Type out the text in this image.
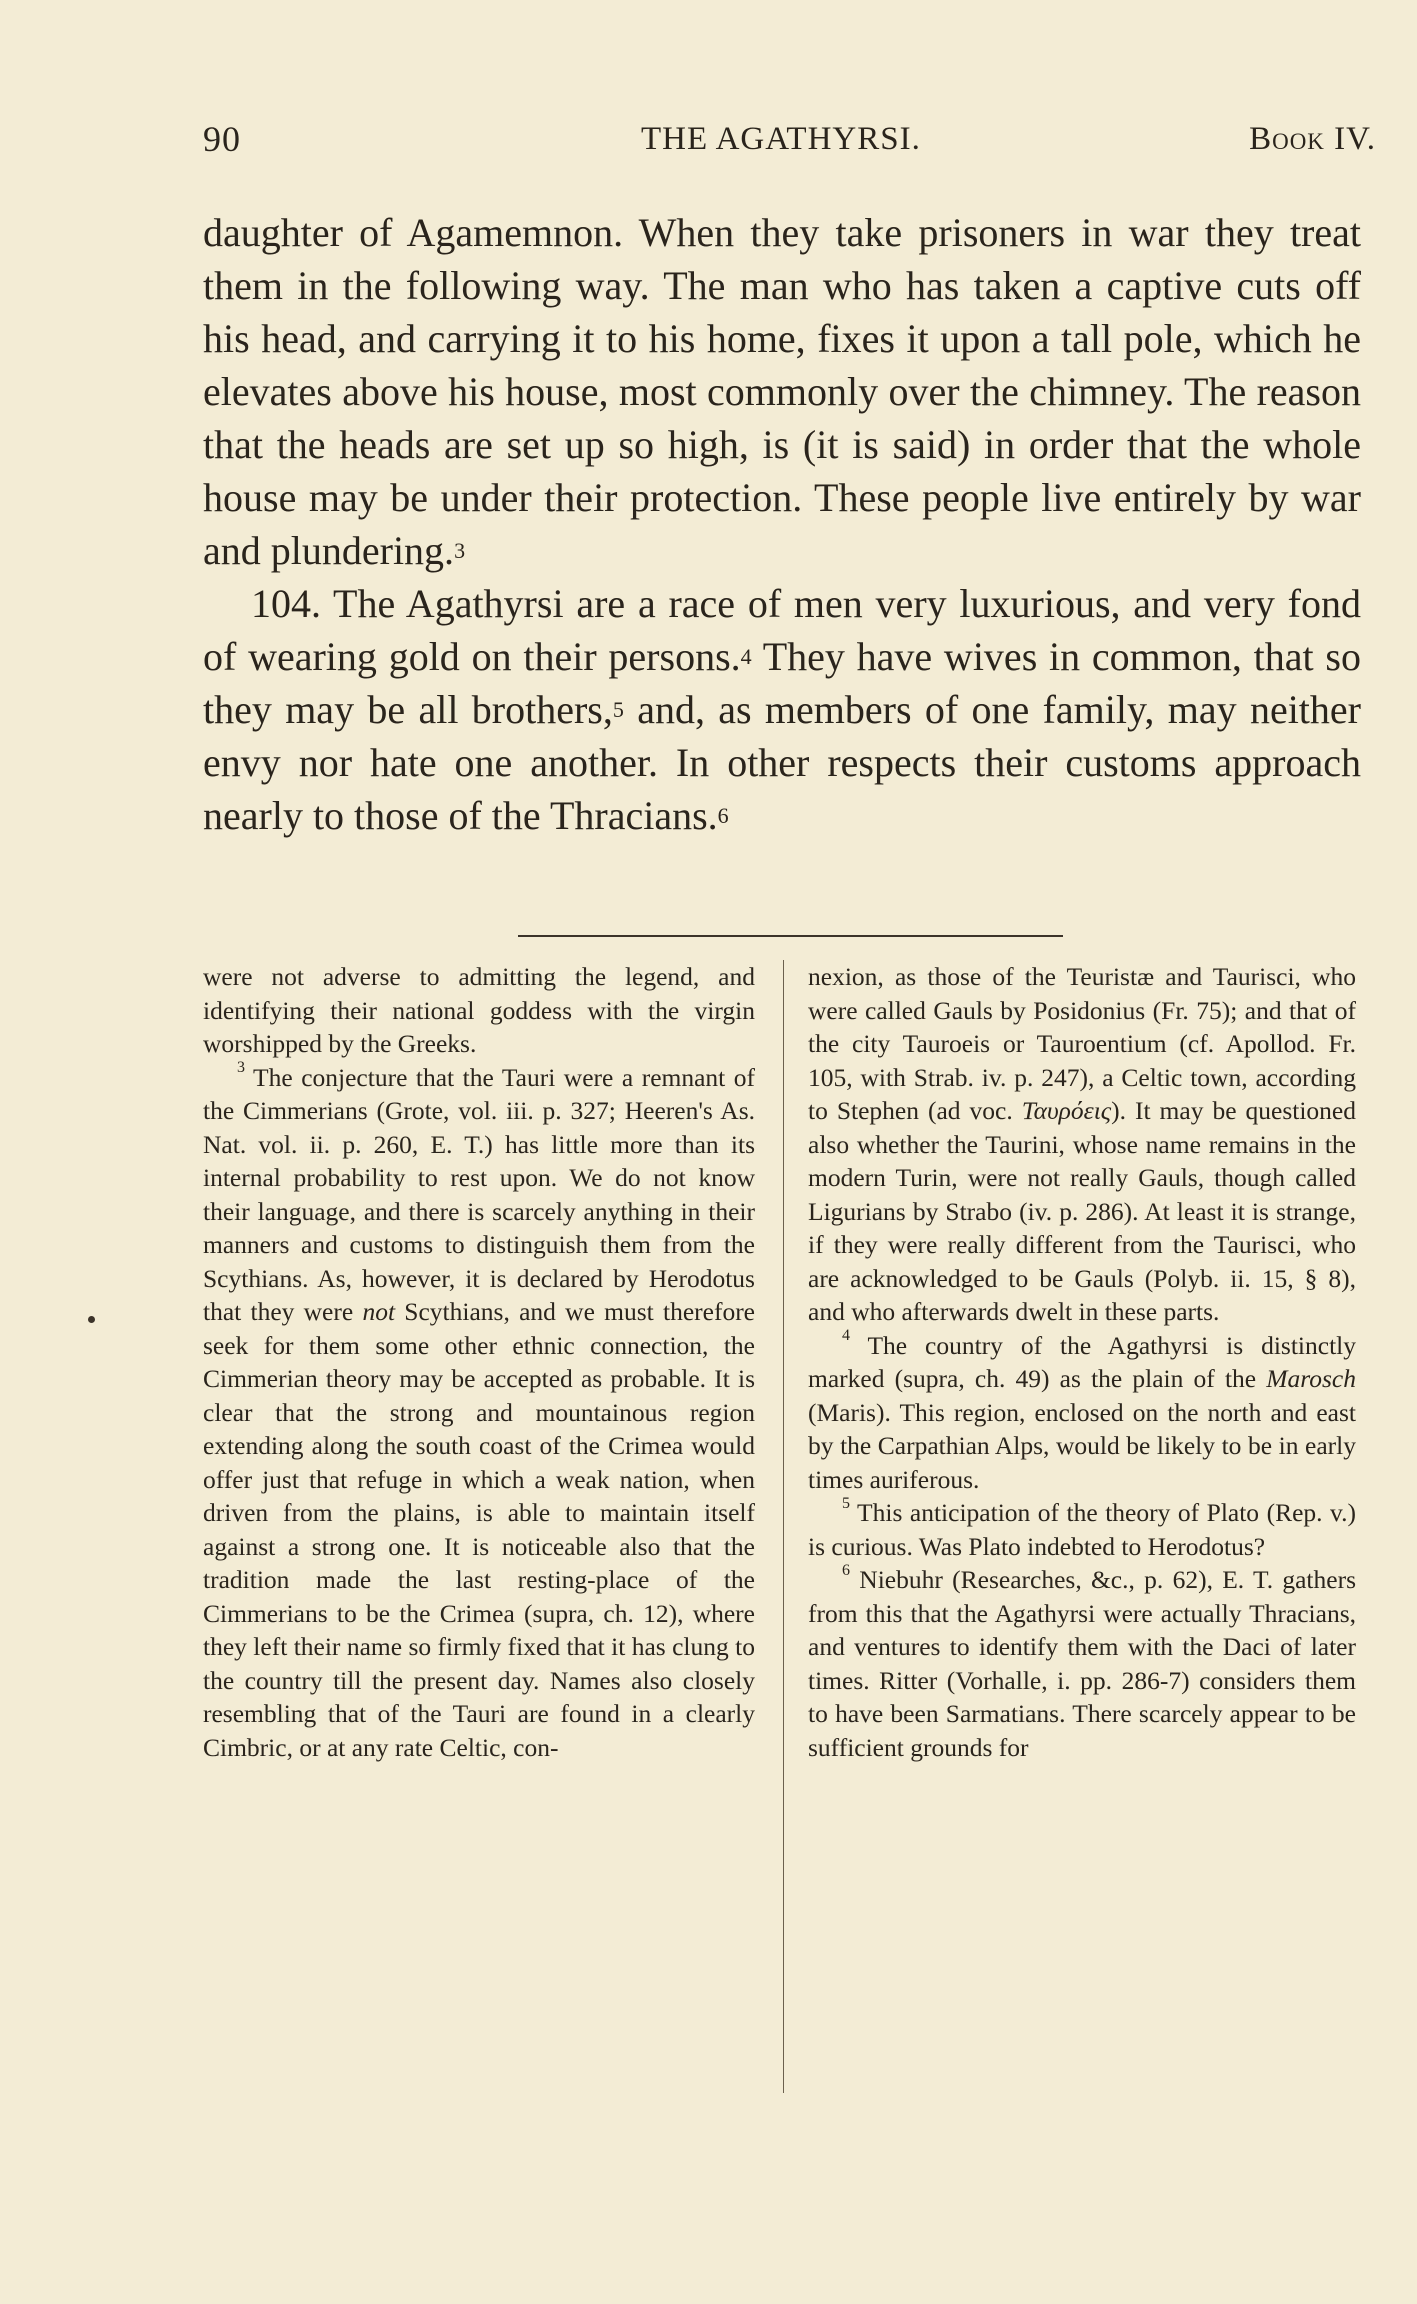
90	THE AGATHYRSI.	Book IV.

daughter of Agamemnon. When they take prisoners in war they treat them in the following way. The man who has taken a captive cuts off his head, and carrying it to his home, fixes it upon a tall pole, which he elevates above his house, most commonly over the chimney. The reason that the heads are set up so high, is (it is said) in order that the whole house may be under their protection. These people live entirely by war and plundering.$^3$

104. The Agathyrsi are a race of men very luxurious, and very fond of wearing gold on their persons.$^4$ They have wives in common, that so they may be all brothers,$^5$ and, as members of one family, may neither envy nor hate one another. In other respects their customs approach nearly to those of the Thracians.$^6$

were not adverse to admitting the legend, and identifying their national goddess with the virgin worshipped by the Greeks.

$^3$ The conjecture that the Tauri were a remnant of the Cimmerians (Grote, vol. iii. p. 327; Heeren's As. Nat. vol. ii. p. 260, E. T.) has little more than its internal probability to rest upon. We do not know their language, and there is scarcely anything in their manners and customs to distinguish them from the Scythians. As, however, it is declared by Herodotus that they were not Scythians, and we must therefore seek for them some other ethnic connection, the Cimmerian theory may be accepted as probable. It is clear that the strong and mountainous region extending along the south coast of the Crimea would offer just that refuge in which a weak nation, when driven from the plains, is able to maintain itself against a strong one. It is noticeable also that the tradition made the last resting-place of the Cimmerians to be the Crimea (supra, ch. 12), where they left their name so firmly fixed that it has clung to the country till the present day. Names also closely resembling that of the Tauri are found in a clearly Cimbric, or at any rate Celtic, con-

nexion, as those of the Teuristæ and Taurisci, who were called Gauls by Posidonius (Fr. 75); and that of the city Tauroeis or Tauroentium (cf. Apollod. Fr. 105, with Strab. iv. p. 247), a Celtic town, according to Stephen (ad voc. Ταυρόεις). It may be questioned also whether the Taurini, whose name remains in the modern Turin, were not really Gauls, though called Ligurians by Strabo (iv. p. 286). At least it is strange, if they were really different from the Taurisci, who are acknowledged to be Gauls (Polyb. ii. 15, § 8), and who afterwards dwelt in these parts.

$^4$ The country of the Agathyrsi is distinctly marked (supra, ch. 49) as the plain of the Marosch (Maris). This region, enclosed on the north and east by the Carpathian Alps, would be likely to be in early times auriferous.

$^5$ This anticipation of the theory of Plato (Rep. v.) is curious. Was Plato indebted to Herodotus?

$^6$ Niebuhr (Researches, &c., p. 62), E. T. gathers from this that the Agathyrsi were actually Thracians, and ventures to identify them with the Daci of later times. Ritter (Vorhalle, i. pp. 286-7) considers them to have been Sarmatians. There scarcely appear to be sufficient grounds for
